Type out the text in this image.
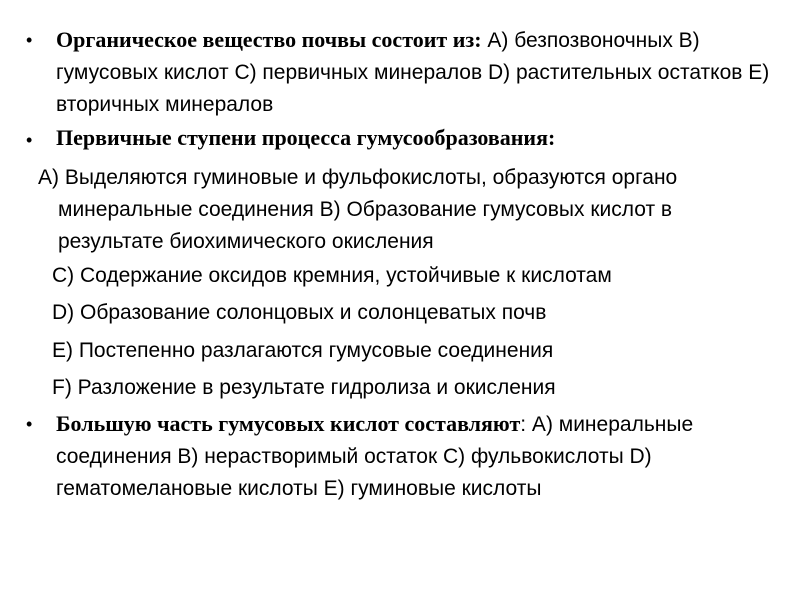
• Органическое вещество почвы состоит из: А) безпозвоночных В) гумусовых кислот С) первичных минералов D) растительных остатков Е) вторичных минералов
• Первичные ступени процесса гумусообразования:
А) Выделяются гуминовые и фульфокислоты, образуются органо минеральные соединения В) Образование гумусовых кислот в результате биохимического окисления
С) Содержание оксидов кремния, устойчивые к кислотам
D) Образование солонцовых и солонцеватых почв
Е) Постепенно разлагаются гумусовые соединения
F) Разложение в результате гидролиза и окисления
• Большую часть гумусовых кислот составляют: А) минеральные соединения В) нерастворимый остаток С) фульвокислоты D) гематомелановые кислоты Е) гуминовые кислоты
